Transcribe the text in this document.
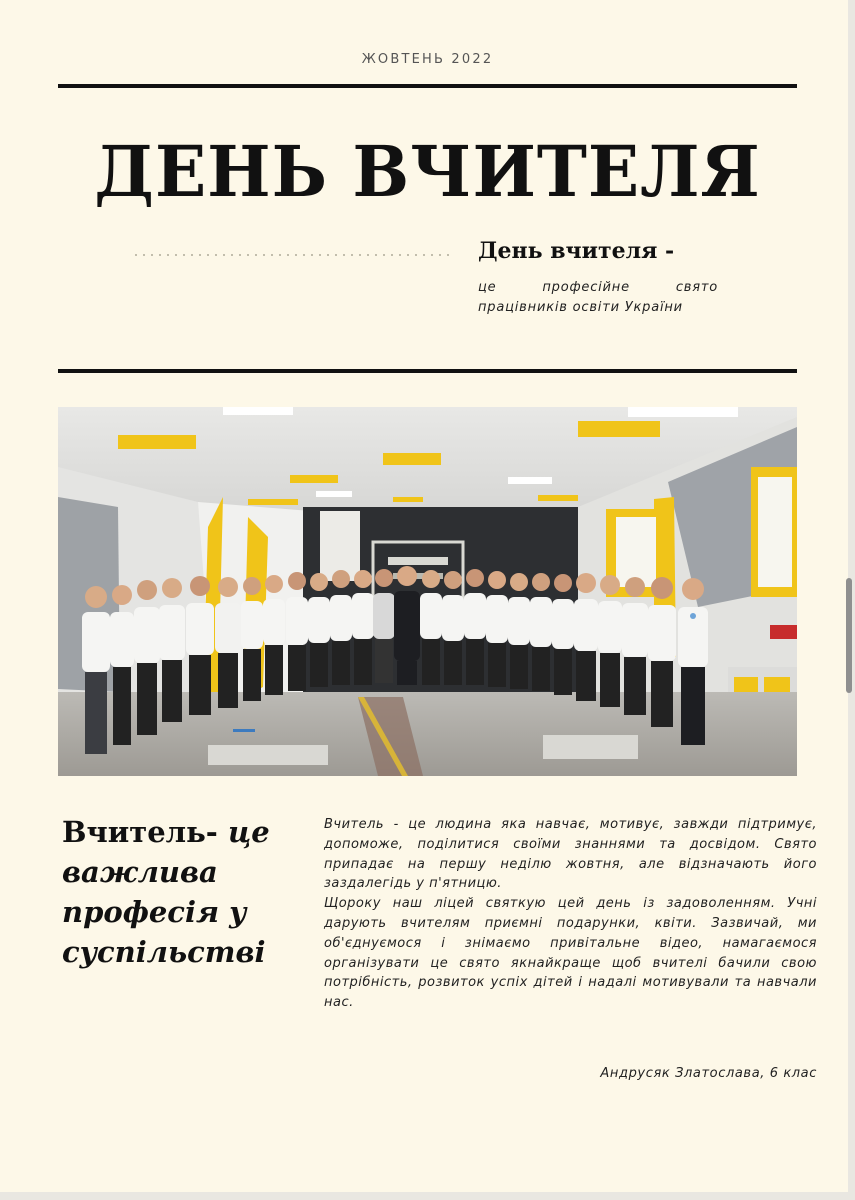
ЖОВТЕНЬ 2022
ДЕНЬ ВЧИТЕЛЯ
День вчителя -
це професійне свято працівників освіти України
Вчитель- це важлива професія у суспільстві

Вчитель - це людина яка навчає, мотивує, завжди підтримує, допоможе, поділитися своїми знаннями та досвідом. Свято припадає на першу неділю жовтня, але відзначають його заздалегідь у п'ятницю.

Щороку наш ліцей святкую цей день із задоволенням. Учні дарують вчителям приємні подарунки, квіти. Зазвичай, ми об'єднуємося і знімаємо привітальне відео, намагаємося організувати це свято якнайкраще щоб вчителі бачили свою потрібність, розвиток успіх дітей і надалі мотивували та навчали нас.

Андрусяк Златослава, 6 клас
